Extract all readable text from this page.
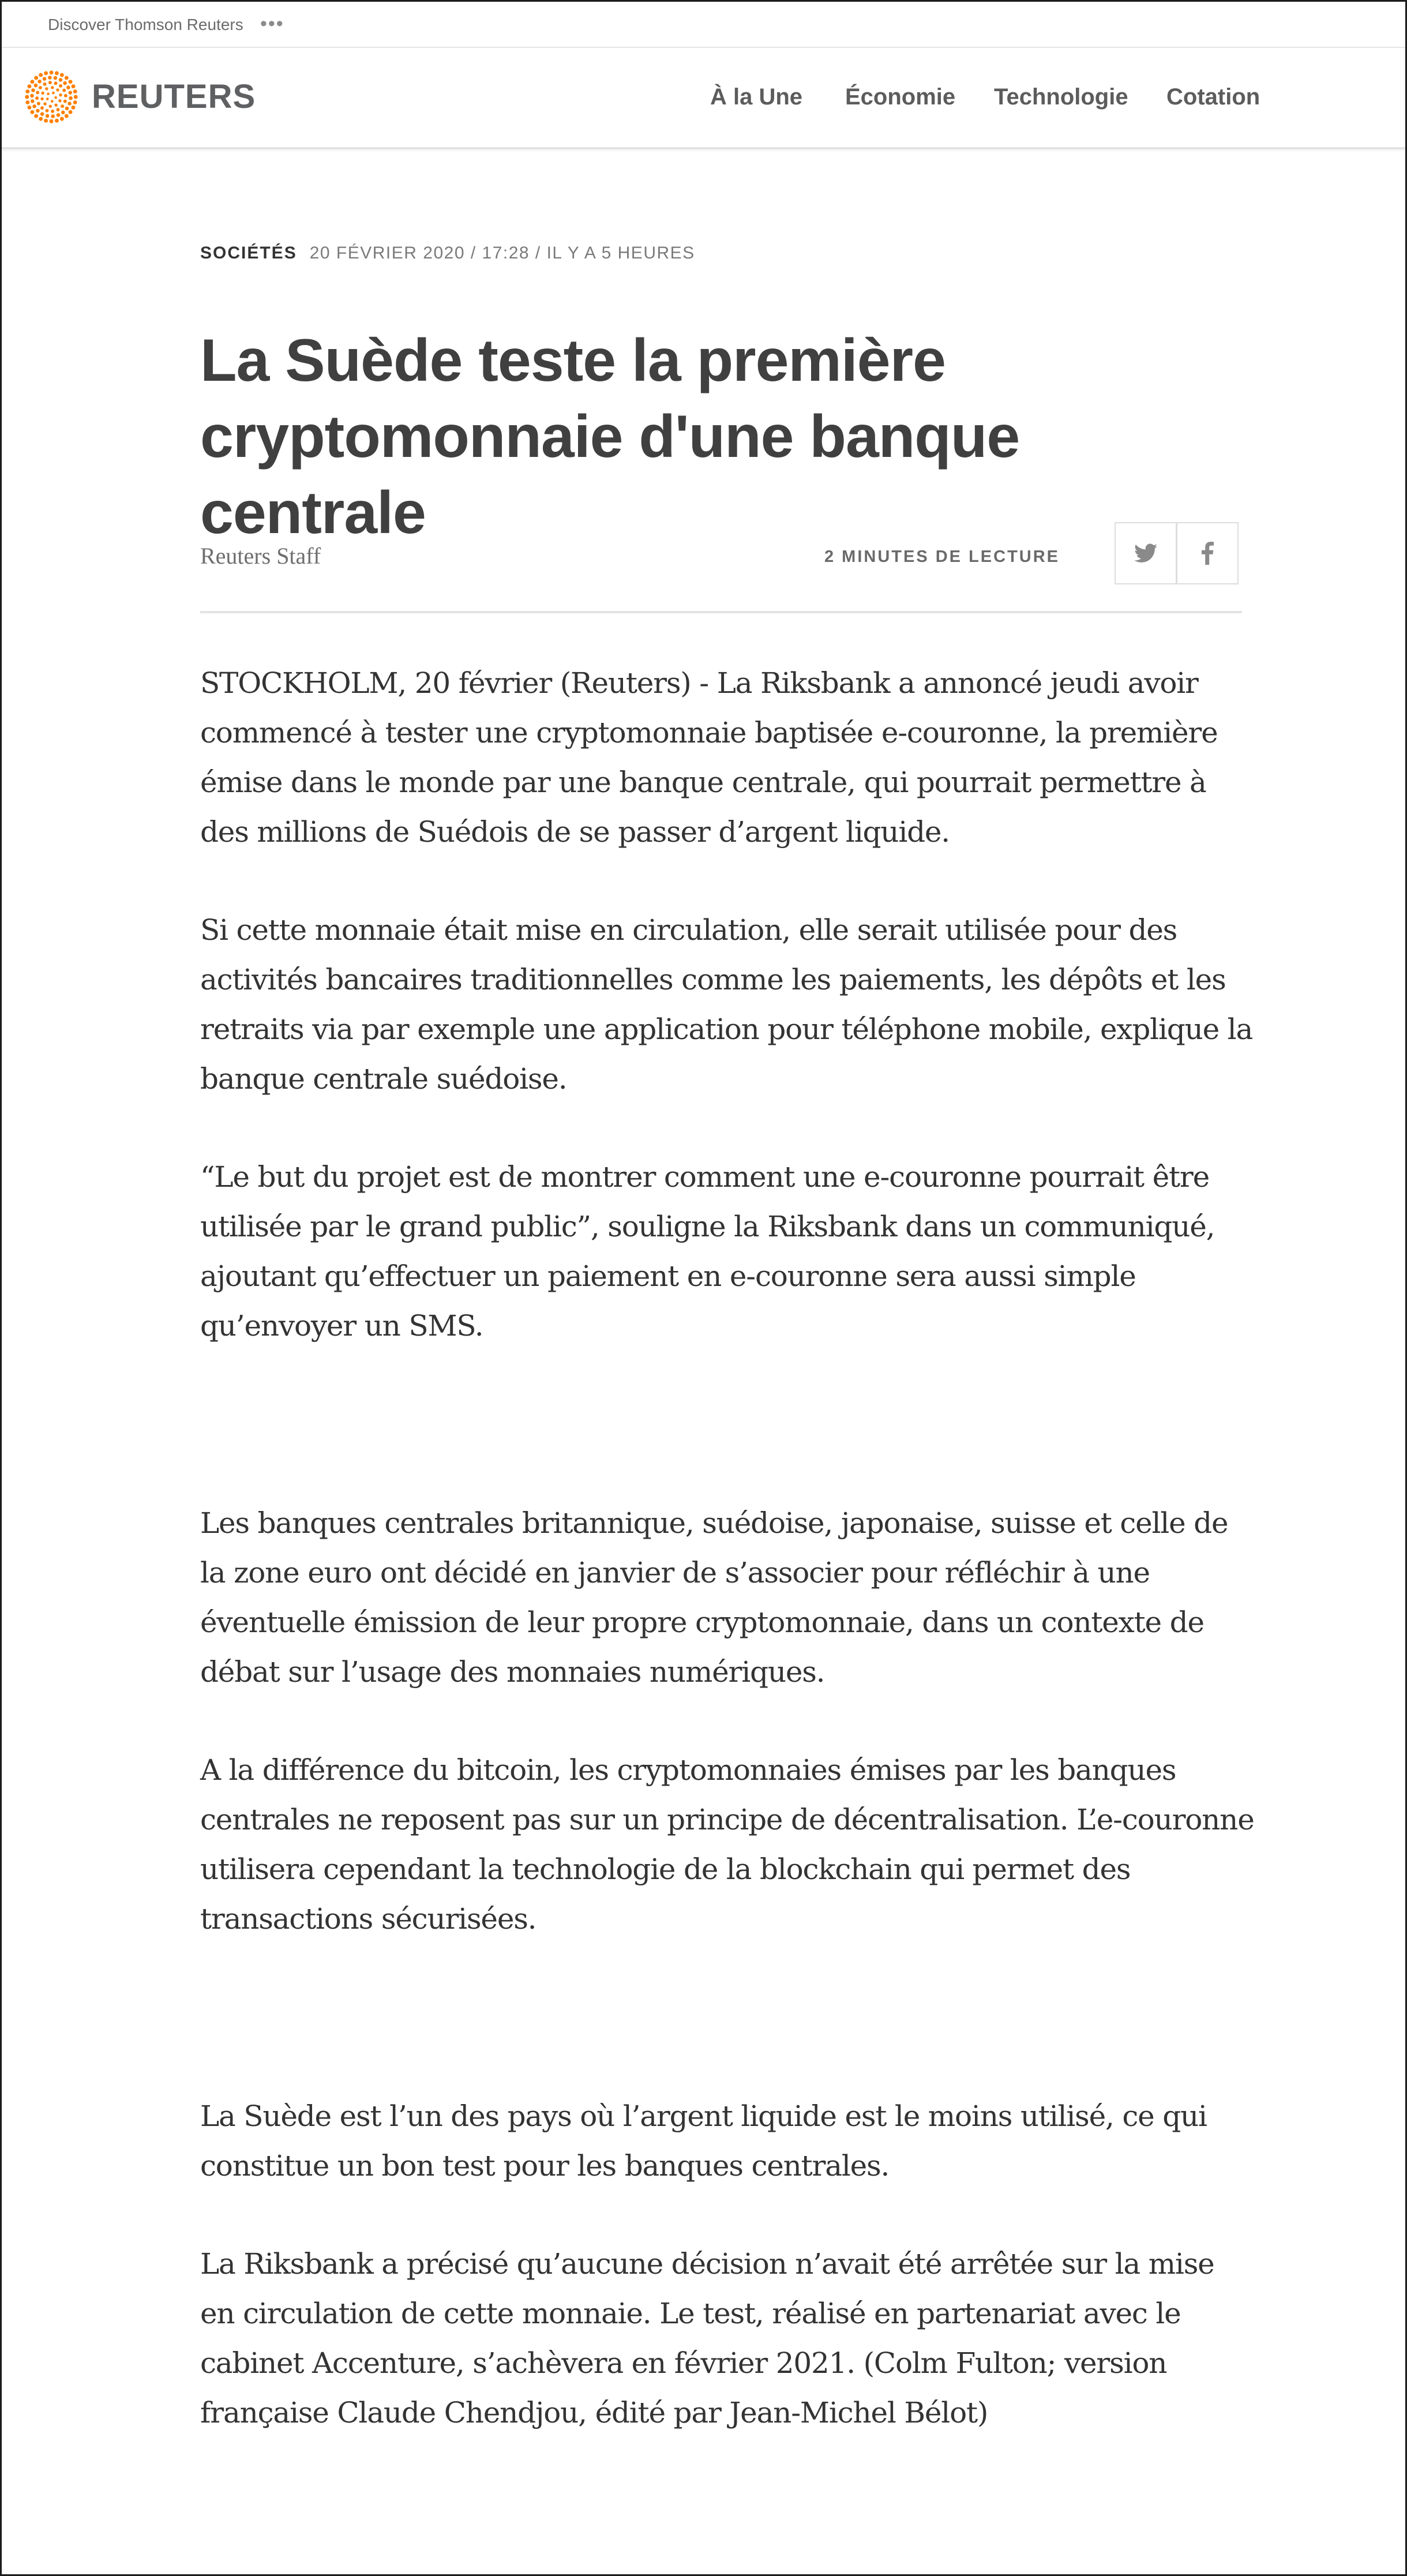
Discover Thomson Reuters •••
REUTERS	À la Une Économie Technologie Cotation
SOCIÉTÉS 20 FÉVRIER 2020 / 17:28 / IL Y A 5 HEURES
La Suède teste la première cryptomonnaie d'une banque centrale
Reuters Staff	2 MINUTES DE LECTURE

STOCKHOLM, 20 février (Reuters) - La Riksbank a annoncé jeudi avoir commencé à tester une cryptomonnaie baptisée e-couronne, la première émise dans le monde par une banque centrale, qui pourrait permettre à des millions de Suédois de se passer d’argent liquide.

Si cette monnaie était mise en circulation, elle serait utilisée pour des activités bancaires traditionnelles comme les paiements, les dépôts et les retraits via par exemple une application pour téléphone mobile, explique la banque centrale suédoise.

“Le but du projet est de montrer comment une e-couronne pourrait être utilisée par le grand public”, souligne la Riksbank dans un communiqué, ajoutant qu’effectuer un paiement en e-couronne sera aussi simple qu’envoyer un SMS.

Les banques centrales britannique, suédoise, japonaise, suisse et celle de la zone euro ont décidé en janvier de s’associer pour réfléchir à une éventuelle émission de leur propre cryptomonnaie, dans un contexte de débat sur l’usage des monnaies numériques.

A la différence du bitcoin, les cryptomonnaies émises par les banques centrales ne reposent pas sur un principe de décentralisation. L’e-couronne utilisera cependant la technologie de la blockchain qui permet des transactions sécurisées.

La Suède est l’un des pays où l’argent liquide est le moins utilisé, ce qui constitue un bon test pour les banques centrales.

La Riksbank a précisé qu’aucune décision n’avait été arrêtée sur la mise en circulation de cette monnaie. Le test, réalisé en partenariat avec le cabinet Accenture, s’achèvera en février 2021. (Colm Fulton; version française Claude Chendjou, édité par Jean-Michel Bélot)
